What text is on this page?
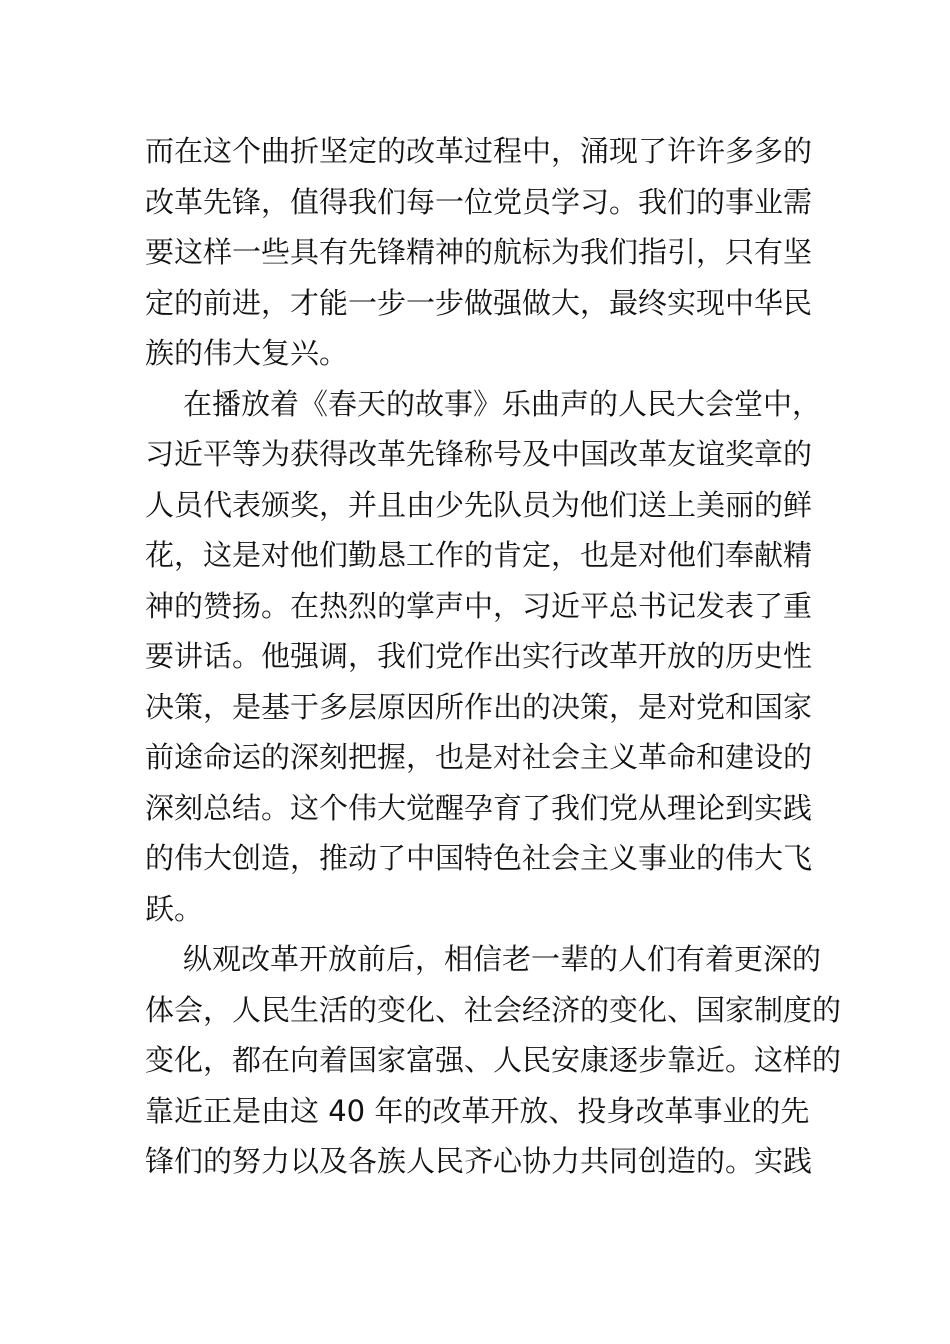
而在这个曲折坚定的改革过程中，涌现了许许多多的
改革先锋，值得我们每一位党员学习。我们的事业需
要这样一些具有先锋精神的航标为我们指引，只有坚
定的前进，才能一步一步做强做大，最终实现中华民
族的伟大复兴。
在播放着《春天的故事》乐曲声的人民大会堂中，
习近平等为获得改革先锋称号及中国改革友谊奖章的
人员代表颁奖，并且由少先队员为他们送上美丽的鲜
花，这是对他们勤恳工作的肯定，也是对他们奉献精
神的赞扬。在热烈的掌声中，习近平总书记发表了重
要讲话。他强调，我们党作出实行改革开放的历史性
决策，是基于多层原因所作出的决策，是对党和国家
前途命运的深刻把握，也是对社会主义革命和建设的
深刻总结。这个伟大觉醒孕育了我们党从理论到实践
的伟大创造，推动了中国特色社会主义事业的伟大飞
跃。
纵观改革开放前后，相信老一辈的人们有着更深的
体会，人民生活的变化、社会经济的变化、国家制度的
变化，都在向着国家富强、人民安康逐步靠近。这样的
靠近正是由这 40 年的改革开放、投身改革事业的先
锋们的努力以及各族人民齐心协力共同创造的。实践
